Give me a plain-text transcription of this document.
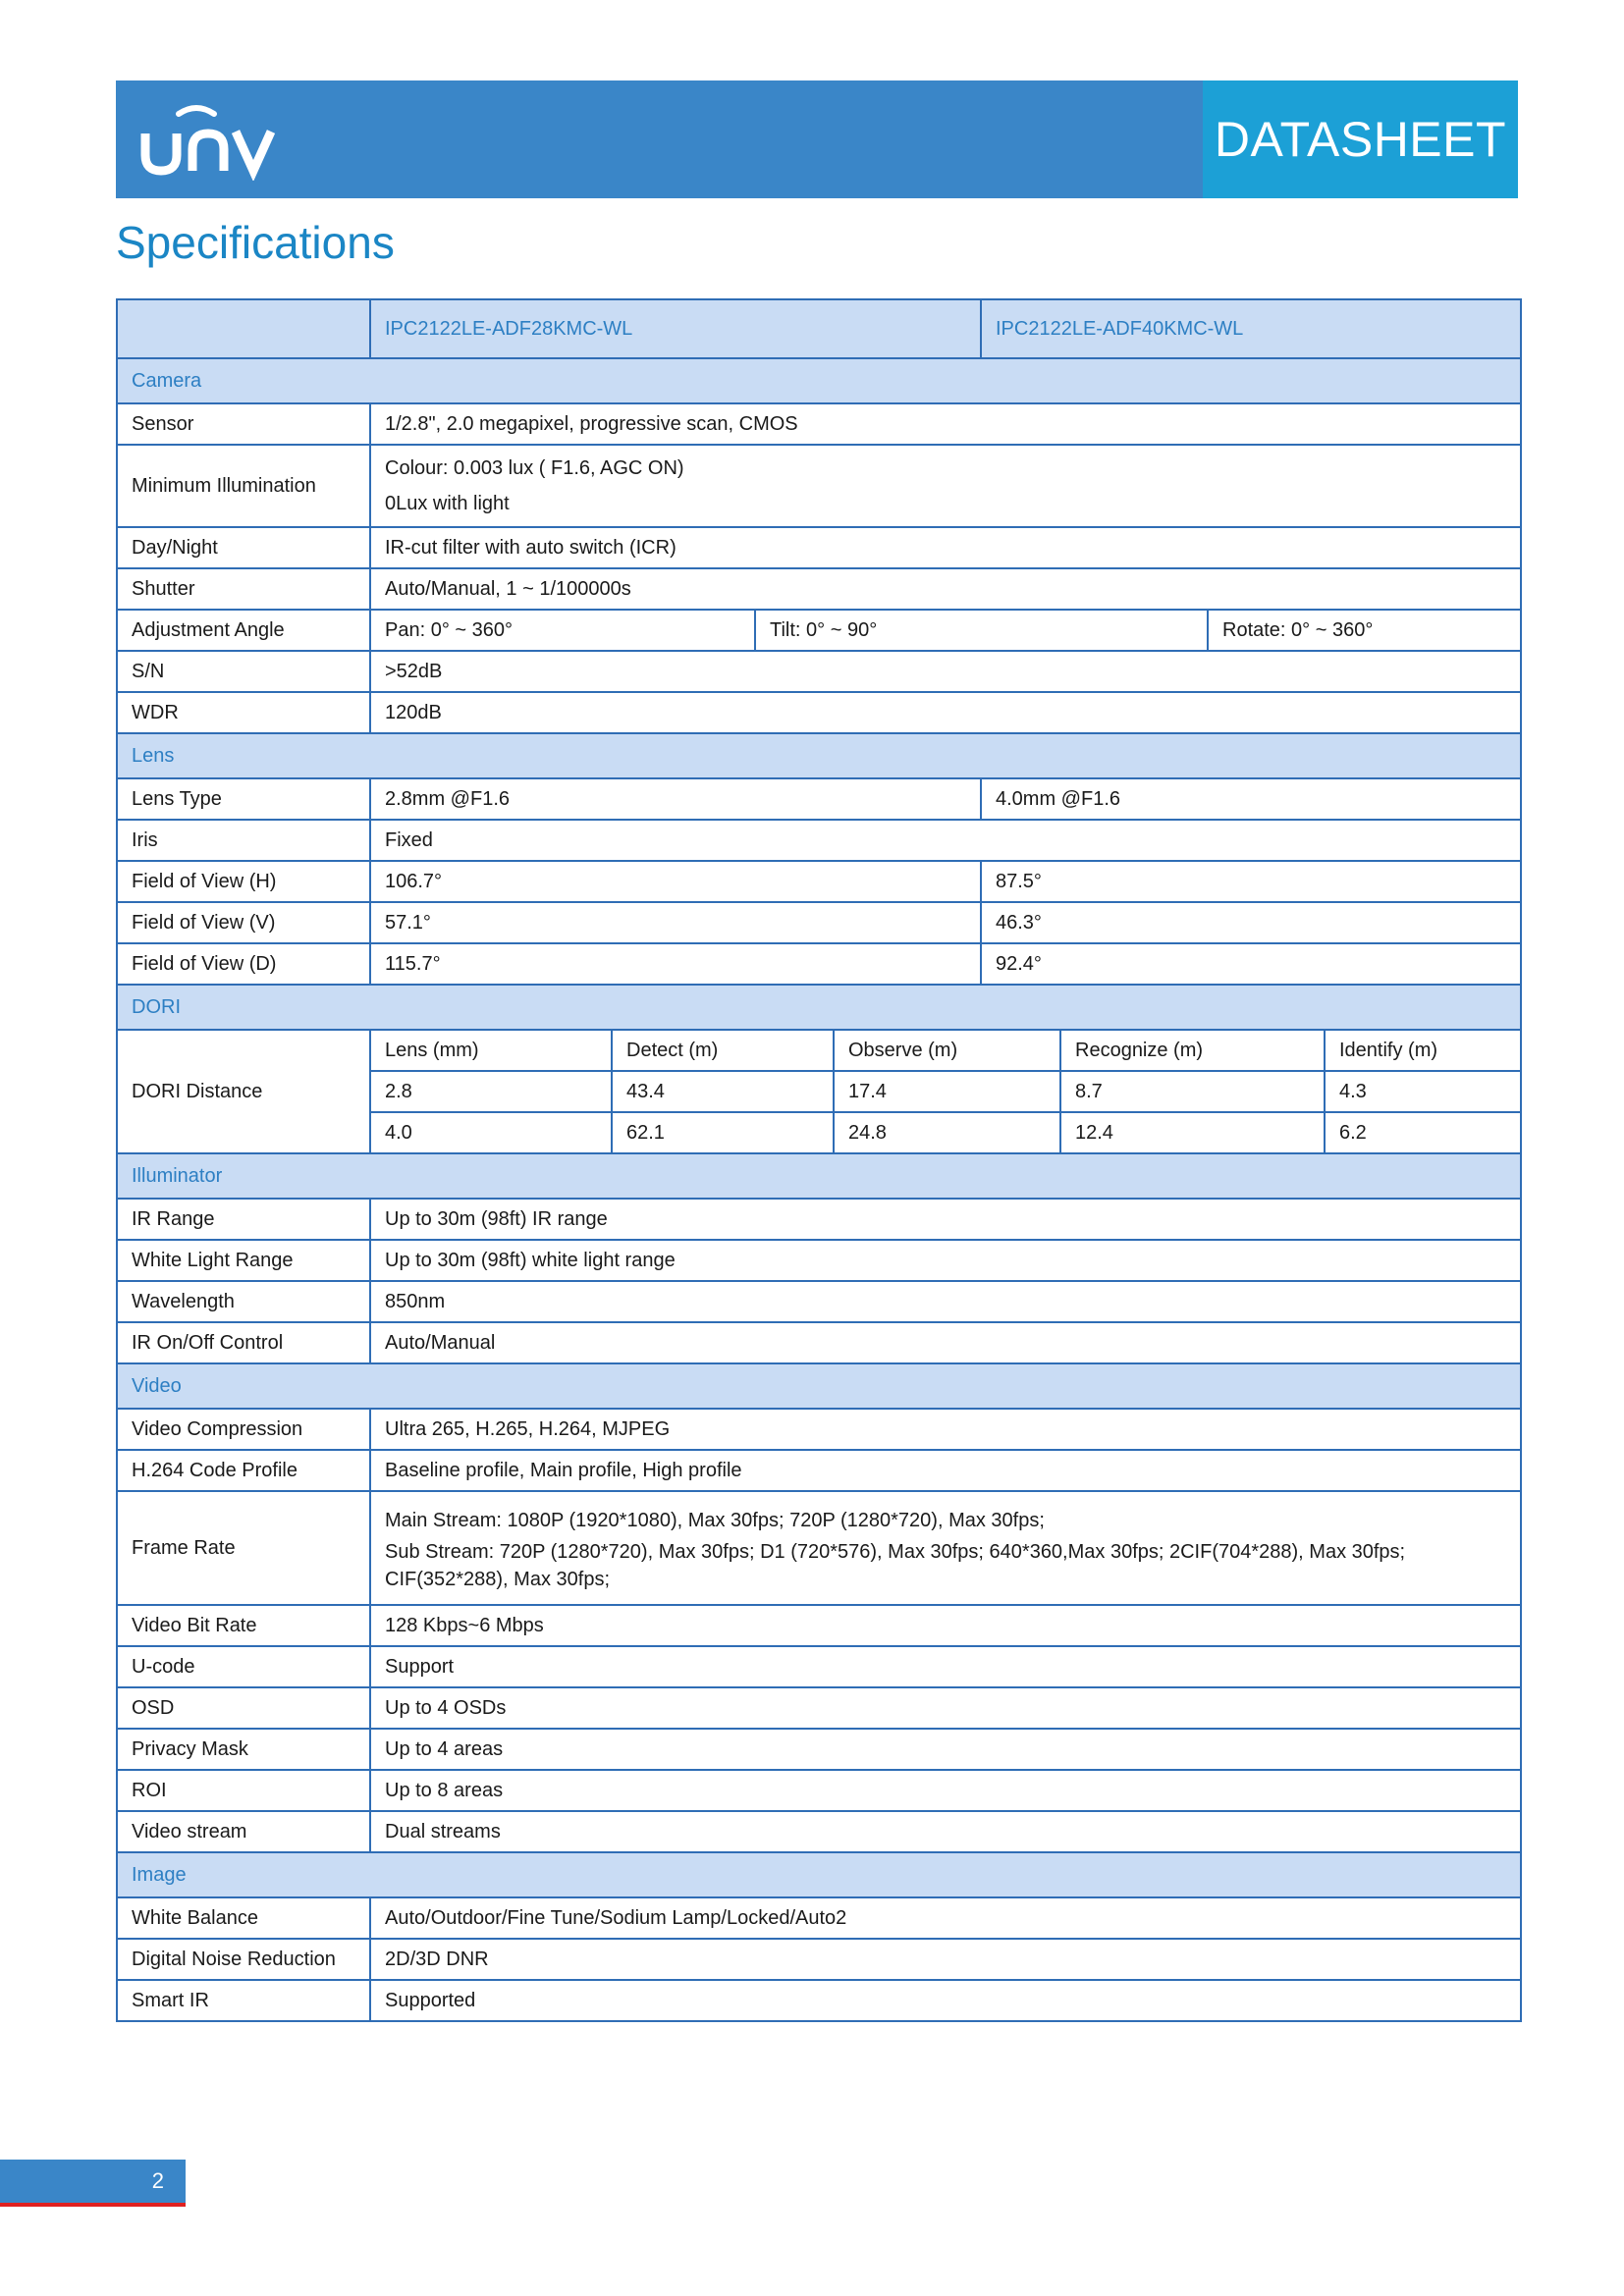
DATASHEET
Specifications
	IPC2122LE-ADF28KMC-WL				IPC2122LE-ADF40KMC-WL			
Camera								
Sensor	1/2.8", 2.0 megapixel, progressive scan, CMOS							
Minimum Illumination	Colour: 0.003 lux ( F1.6, AGC ON)
0Lux with light							

Day/Night	IR-cut filter with auto switch (ICR)							
Shutter	Auto/Manual, 1 ~ 1/100000s							
Adjustment Angle	Pan: 0° ~ 360°		Tilt: 0° ~ 90°				Rotate: 0° ~ 360°	
S/N	>52dB							
WDR	120dB							
Lens								
Lens Type	2.8mm @F1.6				4.0mm @F1.6			
Iris	Fixed							
Field of View (H)	106.7°				87.5°			
Field of View (V)	57.1°				46.3°			
Field of View (D)	115.7°				92.4°			
DORI								
DORI Distance	Lens (mm)	Detect (m)		Observe (m)		Recognize (m)		Identify (m)
	2.8	43.4		17.4		8.7		4.3
	4.0	62.1		24.8		12.4		6.2
Illuminator								
IR Range	Up to 30m (98ft) IR range							
White Light Range	Up to 30m (98ft) white light range							
Wavelength	850nm							
IR On/Off Control	Auto/Manual							
Video								
Video Compression	Ultra 265, H.265, H.264, MJPEG							
H.264 Code Profile	Baseline profile, Main profile, High profile							
Frame Rate	Main Stream: 1080P (1920*1080), Max 30fps; 720P (1280*720), Max 30fps;
Sub Stream: 720P (1280*720), Max 30fps; D1 (720*576), Max 30fps; 640*360,Max 30fps; 2CIF(704*288), Max 30fps;
CIF(352*288), Max 30fps;							

Video Bit Rate	128 Kbps~6 Mbps							
U-code	Support							
OSD	Up to 4 OSDs							
Privacy Mask	Up to 4 areas							
ROI	Up to 8 areas							
Video stream	Dual streams							
Image								
White Balance	Auto/Outdoor/Fine Tune/Sodium Lamp/Locked/Auto2							
Digital Noise Reduction	2D/3D DNR							
Smart IR	Supported							
2
